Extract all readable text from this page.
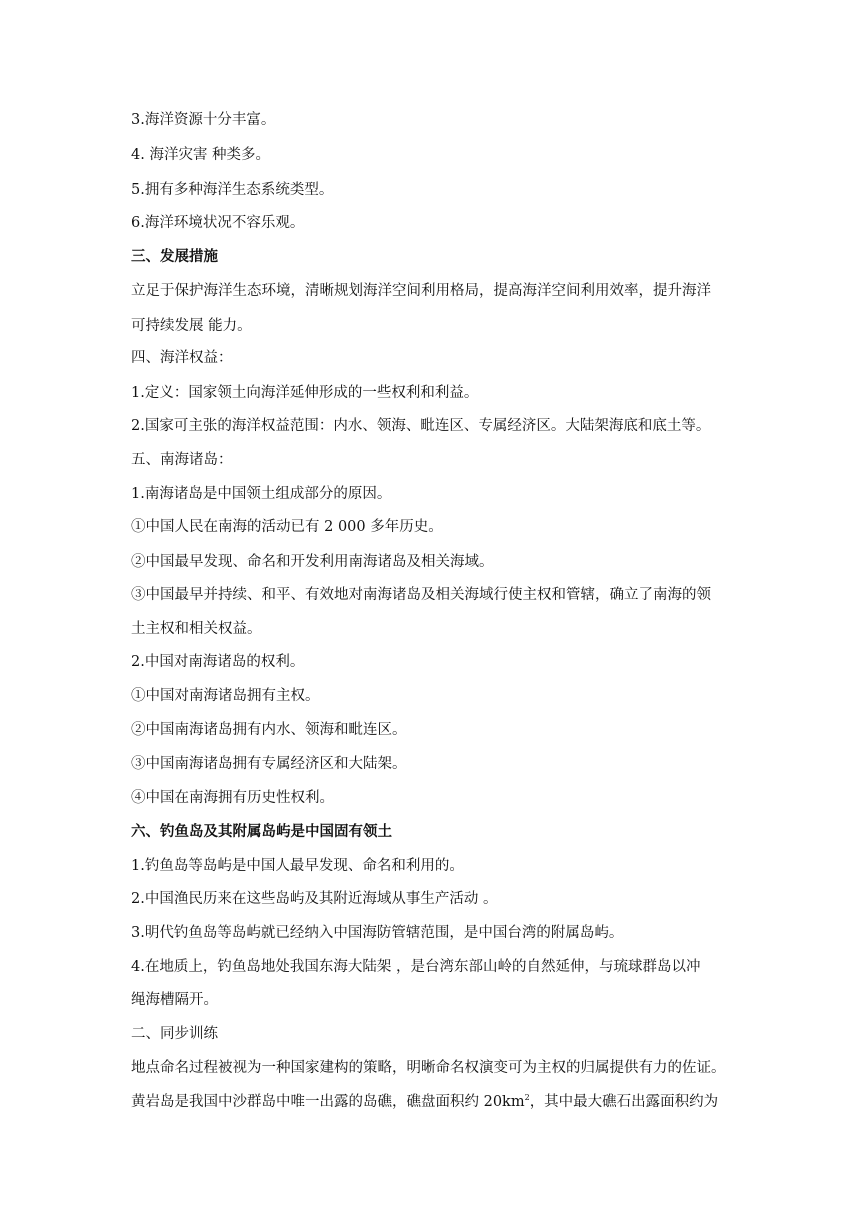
3.海洋资源十分丰富。
4. 海洋灾害 种类多。
5.拥有多种海洋生态系统类型。
6.海洋环境状况不容乐观。
三、发展措施
立足于保护海洋生态环境，清晰规划海洋空间利用格局，提高海洋空间利用效率，提升海洋
可持续发展 能力。
四、海洋权益：
1.定义：国家领土向海洋延伸形成的一些权利和利益。
2.国家可主张的海洋权益范围：内水、领海、毗连区、专属经济区。大陆架海底和底土等。
五、南海诸岛：
1.南海诸岛是中国领土组成部分的原因。
①中国人民在南海的活动已有 2 000 多年历史。
②中国最早发现、命名和开发利用南海诸岛及相关海域。
③中国最早并持续、和平、有效地对南海诸岛及相关海域行使主权和管辖，确立了南海的领
土主权和相关权益。
2.中国对南海诸岛的权利。
①中国对南海诸岛拥有主权。
②中国南海诸岛拥有内水、领海和毗连区。
③中国南海诸岛拥有专属经济区和大陆架。
④中国在南海拥有历史性权利。
六、钓鱼岛及其附属岛屿是中国固有领土
1.钓鱼岛等岛屿是中国人最早发现、命名和利用的。
2.中国渔民历来在这些岛屿及其附近海域从事生产活动 。
3.明代钓鱼岛等岛屿就已经纳入中国海防管辖范围，是中国台湾的附属岛屿。
4.在地质上，钓鱼岛地处我国东海大陆架 ，是台湾东部山岭的自然延伸，与琉球群岛以冲
绳海槽隔开。
二、同步训练
地点命名过程被视为一种国家建构的策略，明晰命名权演变可为主权的归属提供有力的佐证。
黄岩岛是我国中沙群岛中唯一出露的岛礁，礁盘面积约 $20km^2$，其中最大礁石出露面积约为
